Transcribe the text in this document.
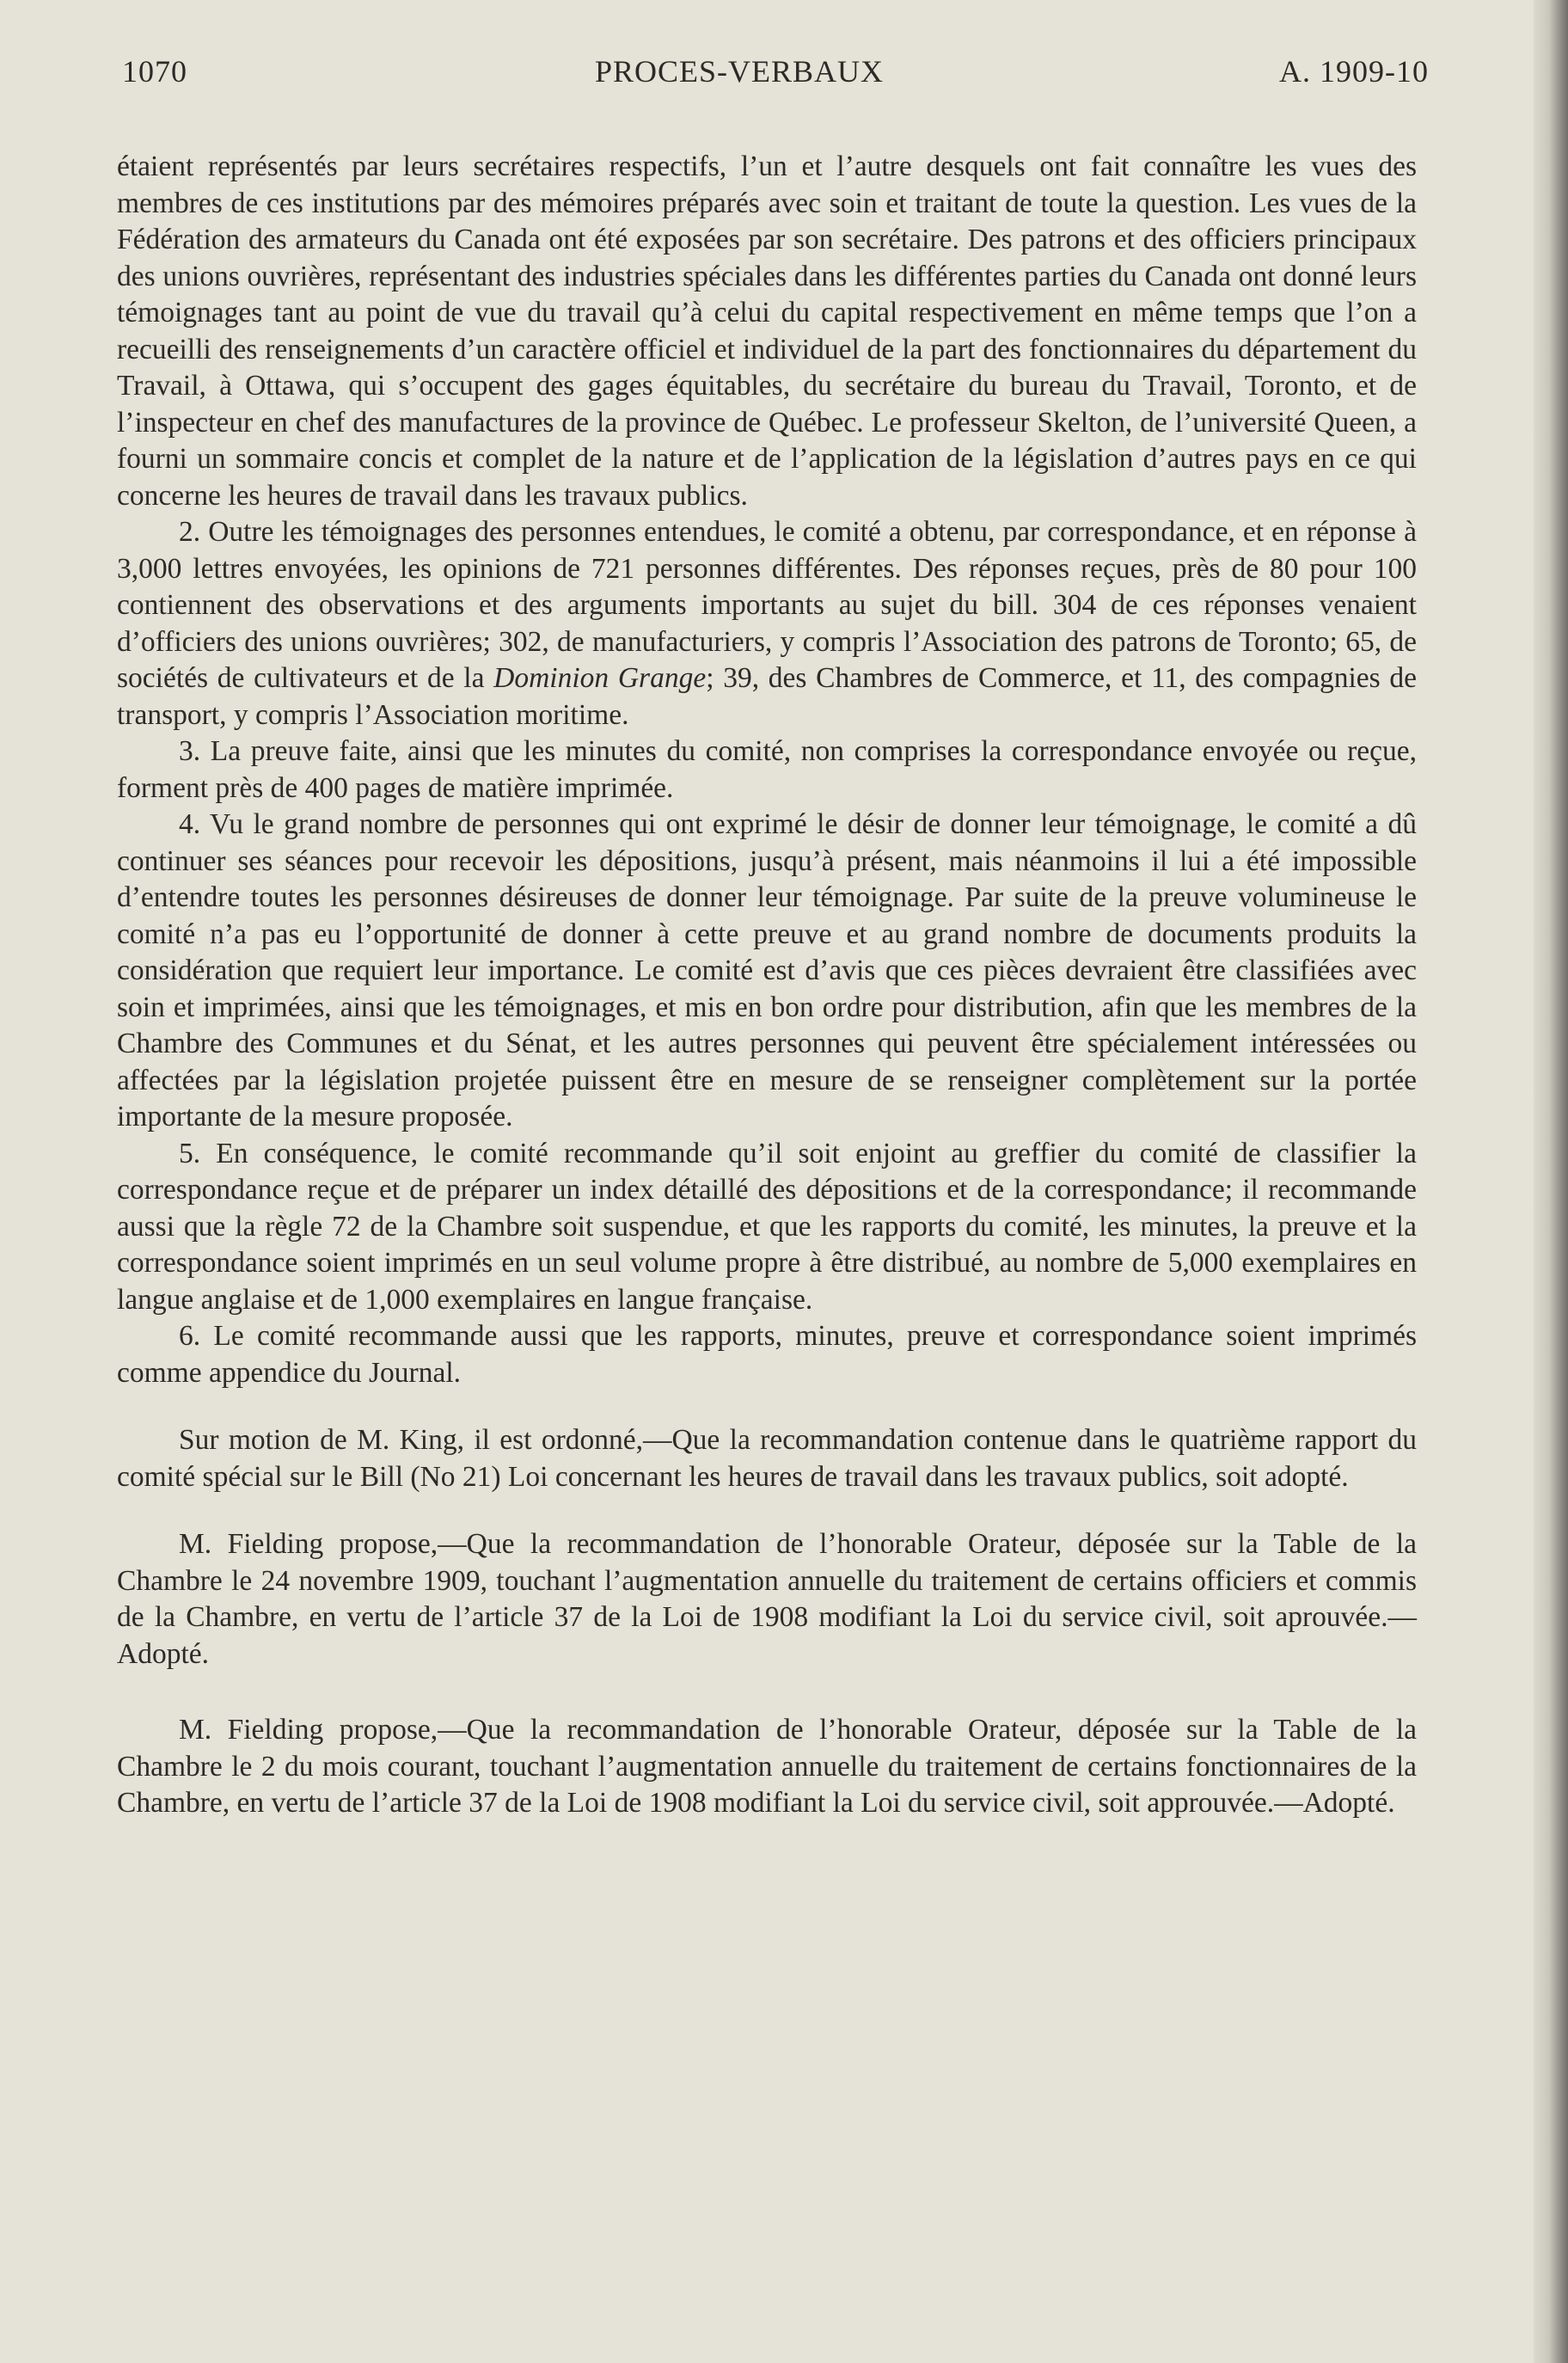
1070	PROCES-VERBAUX	A. 1909-10

étaient représentés par leurs secrétaires respectifs, l’un et l’autre desquels ont fait connaître les vues des membres de ces institutions par des mémoires préparés avec soin et traitant de toute la question. Les vues de la Fédération des armateurs du Canada ont été exposées par son secrétaire. Des patrons et des officiers principaux des unions ouvrières, représentant des industries spéciales dans les différentes parties du Canada ont donné leurs témoignages tant au point de vue du travail qu’à celui du capital respectivement en même temps que l’on a recueilli des renseignements d’un caractère officiel et individuel de la part des fonctionnaires du département du Travail, à Ottawa, qui s’occupent des gages équitables, du secrétaire du bureau du Travail, Toronto, et de l’inspecteur en chef des manufactures de la province de Québec. Le professeur Skelton, de l’université Queen, a fourni un sommaire concis et complet de la nature et de l’application de la législation d’autres pays en ce qui concerne les heures de travail dans les travaux publics.

2. Outre les témoignages des personnes entendues, le comité a obtenu, par correspondance, et en réponse à 3,000 lettres envoyées, les opinions de 721 personnes différentes. Des réponses reçues, près de 80 pour 100 contiennent des observations et des arguments importants au sujet du bill. 304 de ces réponses venaient d’officiers des unions ouvrières; 302, de manufacturiers, y compris l’Association des patrons de Toronto; 65, de sociétés de cultivateurs et de la Dominion Grange; 39, des Chambres de Commerce, et 11, des compagnies de transport, y compris l’Association moritime.

3. La preuve faite, ainsi que les minutes du comité, non comprises la correspondance envoyée ou reçue, forment près de 400 pages de matière imprimée.

4. Vu le grand nombre de personnes qui ont exprimé le désir de donner leur témoignage, le comité a dû continuer ses séances pour recevoir les dépositions, jusqu’à présent, mais néanmoins il lui a été impossible d’entendre toutes les personnes désireuses de donner leur témoignage. Par suite de la preuve volumineuse le comité n’a pas eu l’opportunité de donner à cette preuve et au grand nombre de documents produits la considération que requiert leur importance. Le comité est d’avis que ces pièces devraient être classifiées avec soin et imprimées, ainsi que les témoignages, et mis en bon ordre pour distribution, afin que les membres de la Chambre des Communes et du Sénat, et les autres personnes qui peuvent être spécialement intéressées ou affectées par la législation projetée puissent être en mesure de se renseigner complètement sur la portée importante de la mesure proposée.

5. En conséquence, le comité recommande qu’il soit enjoint au greffier du comité de classifier la correspondance reçue et de préparer un index détaillé des dépositions et de la correspondance; il recommande aussi que la règle 72 de la Chambre soit suspendue, et que les rapports du comité, les minutes, la preuve et la correspondance soient imprimés en un seul volume propre à être distribué, au nombre de 5,000 exemplaires en langue anglaise et de 1,000 exemplaires en langue française.

6. Le comité recommande aussi que les rapports, minutes, preuve et correspondance soient imprimés comme appendice du Journal.

Sur motion de M. King, il est ordonné,—Que la recommandation contenue dans le quatrième rapport du comité spécial sur le Bill (No 21) Loi concernant les heures de travail dans les travaux publics, soit adopté.

M. Fielding propose,—Que la recommandation de l’honorable Orateur, déposée sur la Table de la Chambre le 24 novembre 1909, touchant l’augmentation annuelle du traitement de certains officiers et commis de la Chambre, en vertu de l’article 37 de la Loi de 1908 modifiant la Loi du service civil, soit aprouvée.—Adopté.

M. Fielding propose,—Que la recommandation de l’honorable Orateur, déposée sur la Table de la Chambre le 2 du mois courant, touchant l’augmentation annuelle du traitement de certains fonctionnaires de la Chambre, en vertu de l’article 37 de la Loi de 1908 modifiant la Loi du service civil, soit approuvée.—Adopté.
